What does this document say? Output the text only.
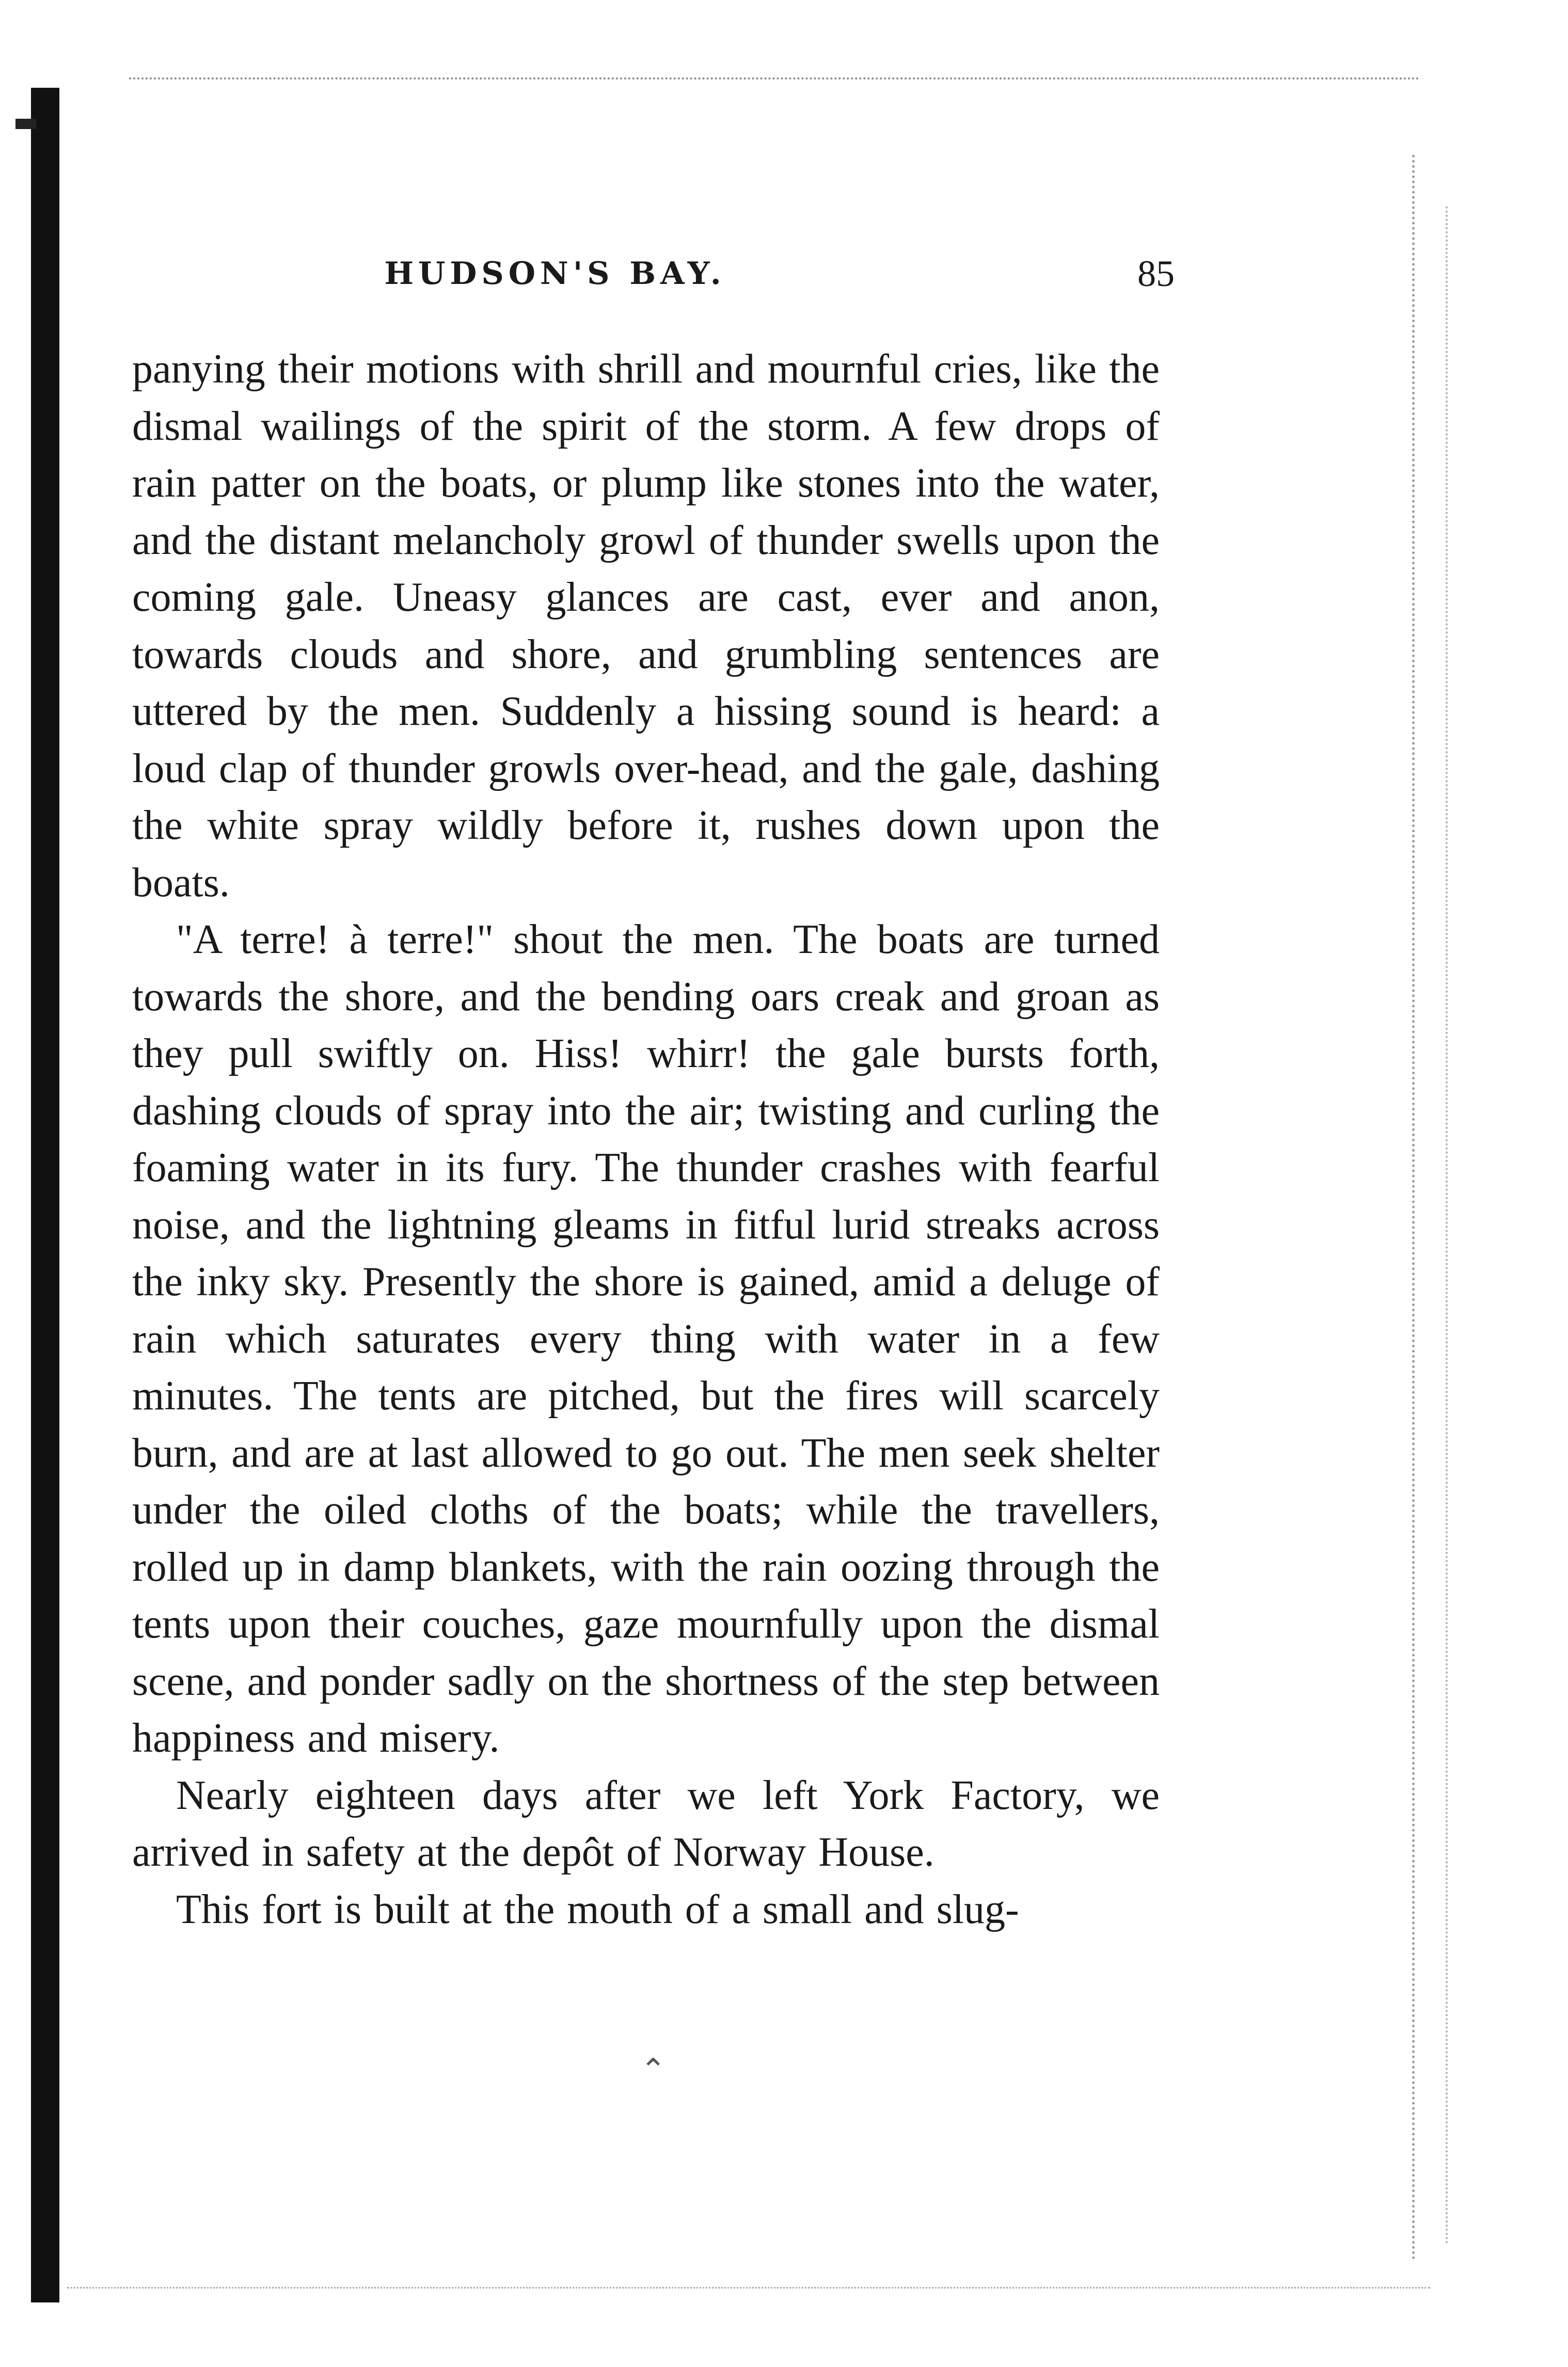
⌃
HUDSON'S BAY.	85

panying their motions with shrill and mournful cries, like the dismal wailings of the spirit of the storm. A few drops of rain patter on the boats, or plump like stones into the water, and the distant melancholy growl of thunder swells upon the coming gale. Uneasy glances are cast, ever and anon, towards clouds and shore, and grumbling sentences are uttered by the men. Suddenly a hissing sound is heard: a loud clap of thunder growls over-head, and the gale, dashing the white spray wildly before it, rushes down upon the boats.

"A terre! à terre!" shout the men. The boats are turned towards the shore, and the bending oars creak and groan as they pull swiftly on. Hiss! whirr! the gale bursts forth, dashing clouds of spray into the air; twisting and curling the foaming water in its fury. The thunder crashes with fearful noise, and the lightning gleams in fitful lurid streaks across the inky sky. Presently the shore is gained, amid a deluge of rain which saturates every thing with water in a few minutes. The tents are pitched, but the fires will scarcely burn, and are at last allowed to go out. The men seek shelter under the oiled cloths of the boats; while the travellers, rolled up in damp blankets, with the rain oozing through the tents upon their couches, gaze mournfully upon the dismal scene, and ponder sadly on the shortness of the step between happiness and misery.

Nearly eighteen days after we left York Factory, we arrived in safety at the depôt of Norway House.

This fort is built at the mouth of a small and slug-
